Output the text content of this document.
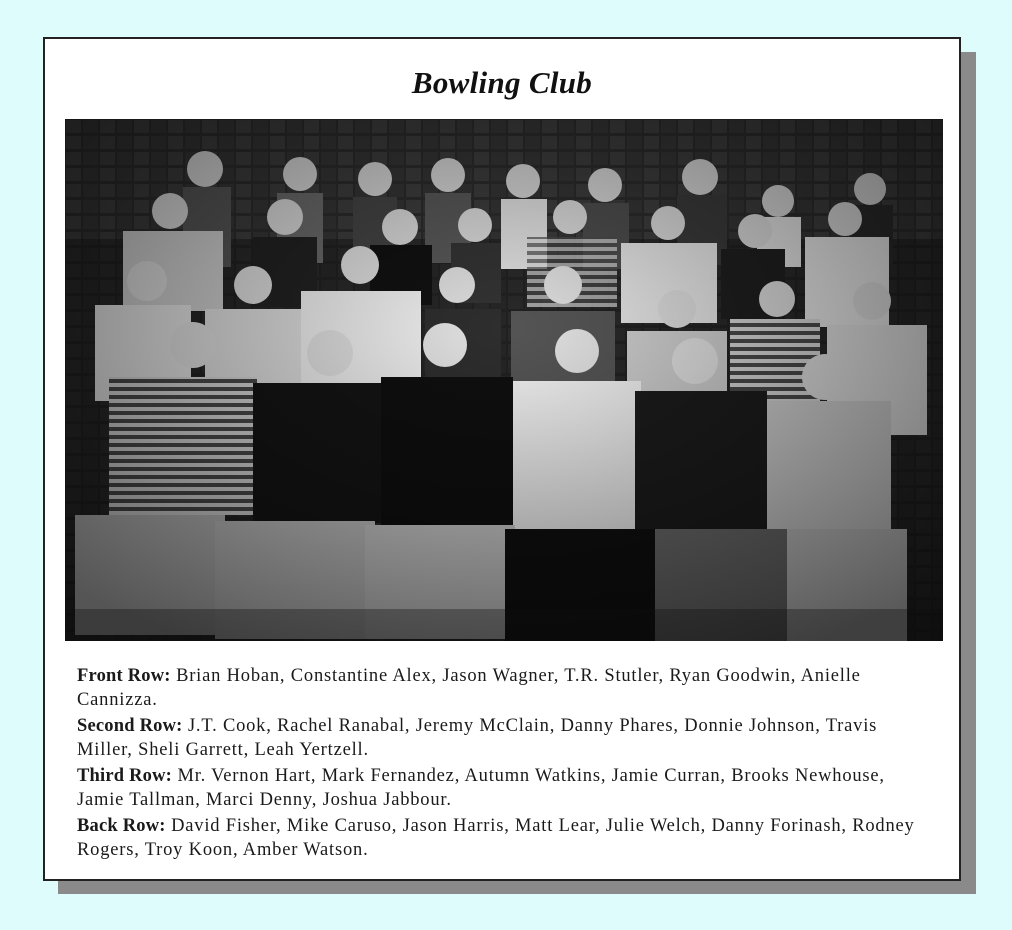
Bowling Club
Front Row: Brian Hoban, Constantine Alex, Jason Wagner, T.R. Stutler, Ryan Goodwin, Anielle Cannizza.
Second Row: J.T. Cook, Rachel Ranabal, Jeremy McClain, Danny Phares, Donnie Johnson, Travis Miller, Sheli Garrett, Leah Yertzell.
Third Row: Mr. Vernon Hart, Mark Fernandez, Autumn Watkins, Jamie Curran, Brooks Newhouse, Jamie Tallman, Marci Denny, Joshua Jabbour.
Back Row: David Fisher, Mike Caruso, Jason Harris, Matt Lear, Julie Welch, Danny Forinash, Rodney Rogers, Troy Koon, Amber Watson.
